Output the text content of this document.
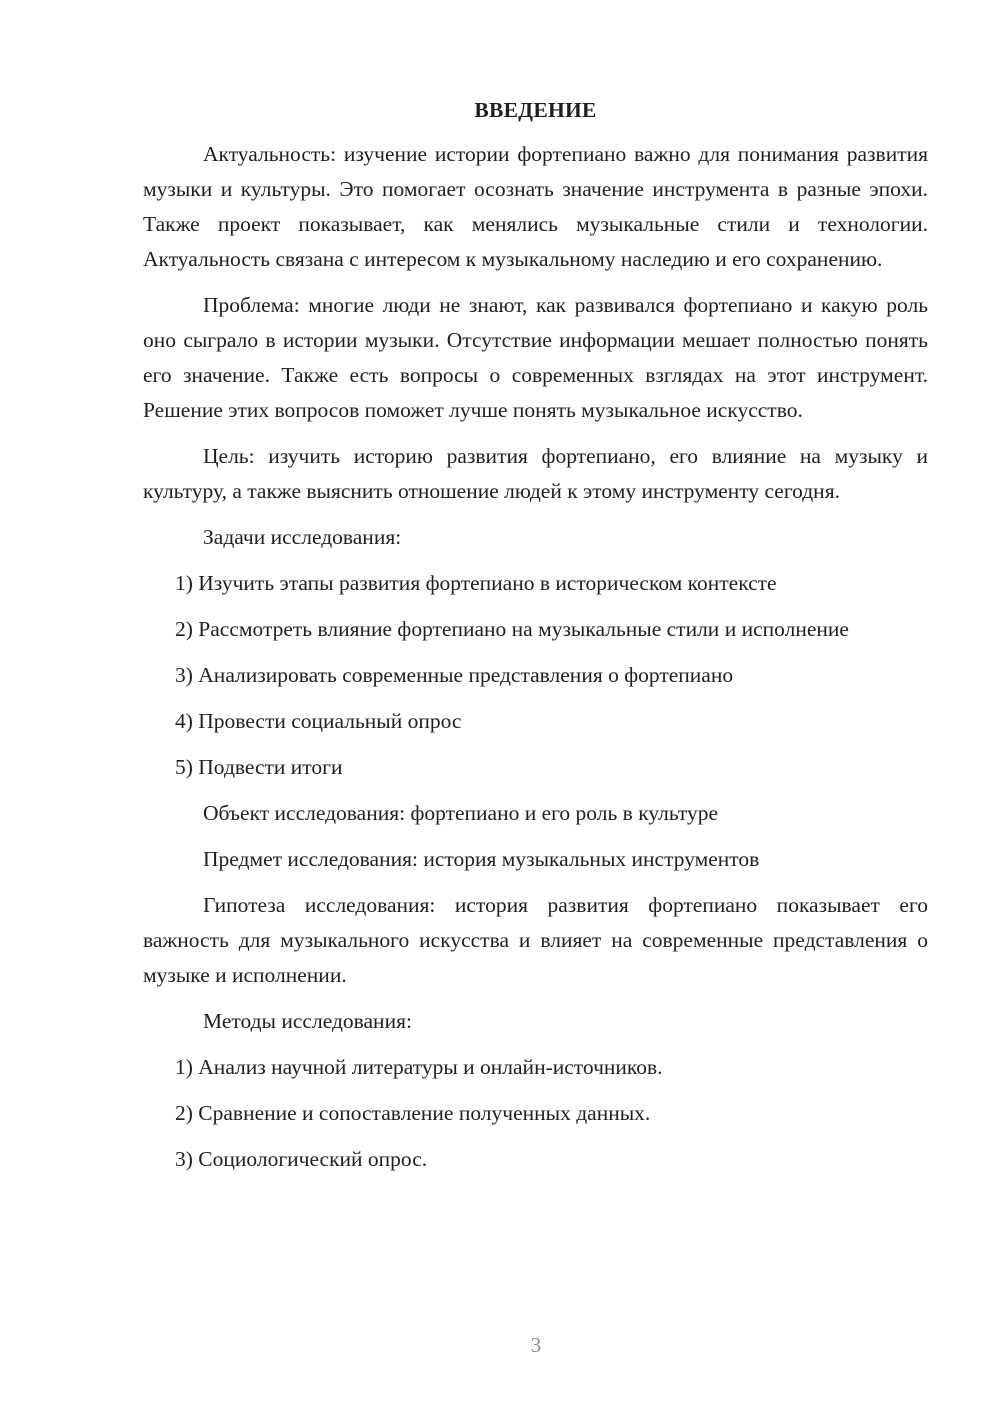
ВВЕДЕНИЕ

Актуальность: изучение истории фортепиано важно для понимания развития музыки и культуры. Это помогает осознать значение инструмента в разные эпохи. Также проект показывает, как менялись музыкальные стили и технологии. Актуальность связана с интересом к музыкальному наследию и его сохранению.

Проблема: многие люди не знают, как развивался фортепиано и какую роль оно сыграло в истории музыки. Отсутствие информации мешает полностью понять его значение. Также есть вопросы о современных взглядах на этот инструмент. Решение этих вопросов поможет лучше понять музыкальное искусство.

Цель: изучить историю развития фортепиано, его влияние на музыку и культуру, а также выяснить отношение людей к этому инструменту сегодня.

Задачи исследования:

1) Изучить этапы развития фортепиано в историческом контексте

2) Рассмотреть влияние фортепиано на музыкальные стили и исполнение

3) Анализировать современные представления о фортепиано

4) Провести социальный опрос

5) Подвести итоги

Объект исследования: фортепиано и его роль в культуре

Предмет исследования: история музыкальных инструментов

Гипотеза исследования: история развития фортепиано показывает его важность для музыкального искусства и влияет на современные представления о музыке и исполнении.

Методы исследования:

1) Анализ научной литературы и онлайн-источников.

2) Сравнение и сопоставление полученных данных.

3) Социологический опрос.

3
